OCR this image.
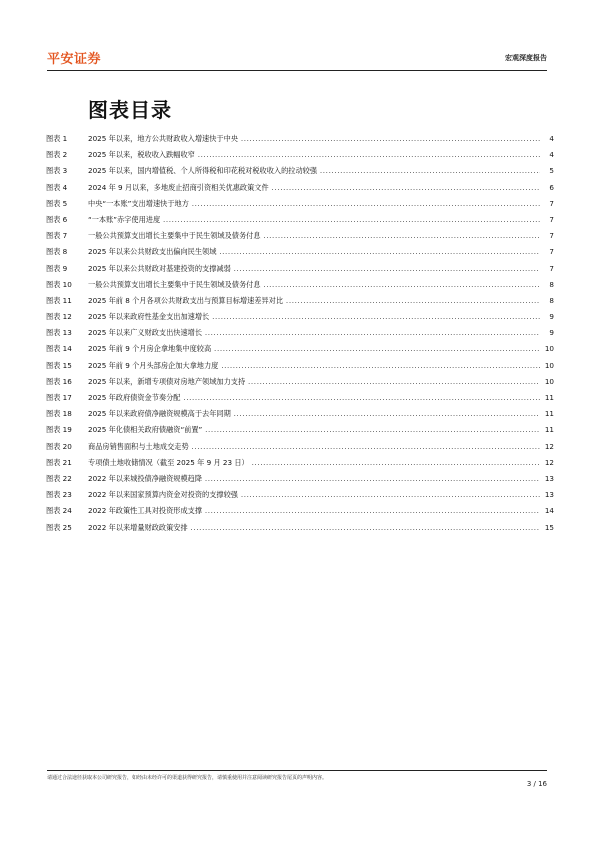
平安证券	宏观深度报告
图表目录
图表 1	2025 年以来，地方公共财政收入增速快于中央 .....	4
图表 2	2025 年以来，税收收入跌幅收窄 .....	4
图表 3	2025 年以来，国内增值税、个人所得税和印花税对税收收入的拉动较强 .....	5
图表 4	2024 年 9 月以来，多地废止招商引资相关优惠政策文件 .....	6
图表 5	中央“一本账”支出增速快于地方 .....	7
图表 6	“一本账”赤字使用进度 .....	7
图表 7	一般公共预算支出增长主要集中于民生领域及债务付息 .....	7
图表 8	2025 年以来公共财政支出偏向民生领域 .....	7
图表 9	2025 年以来公共财政对基建投资的支撑减弱 .....	7
图表 10	一般公共预算支出增长主要集中于民生领域及债务付息 .....	8
图表 11	2025 年前 8 个月各项公共财政支出与预算目标增速差异对比 .....	8
图表 12	2025 年以来政府性基金支出加速增长 .....	9
图表 13	2025 年以来广义财政支出快速增长 .....	9
图表 14	2025 年前 9 个月房企拿地集中度较高 .....	10
图表 15	2025 年前 9 个月头部房企加大拿地力度 .....	10
图表 16	2025 年以来，新增专项债对房地产领域加力支持 .....	10
图表 17	2025 年政府债资金节奏分配 .....	11
图表 18	2025 年以来政府债净融资规模高于去年同期 .....	11
图表 19	2025 年化债相关政府债融资“前置” .....	11
图表 20	商品房销售面积与土地成交走势 .....	12
图表 21	专项债土地收储情况（截至 2025 年 9 月 23 日） .....	12
图表 22	2022 年以来城投债净融资规模趋降 .....	13
图表 23	2022 年以来国家预算内资金对投资的支撑较强 .....	13
图表 24	2022 年政策性工具对投资形成支撑 .....	14
图表 25	2022 年以来增量财政政策安排 .....	15
请通过合法途径获取本公司研究报告，如经由未经许可的渠道获得研究报告，请慎重使用并注意阅读研究报告尾页的声明内容。
3 / 16
